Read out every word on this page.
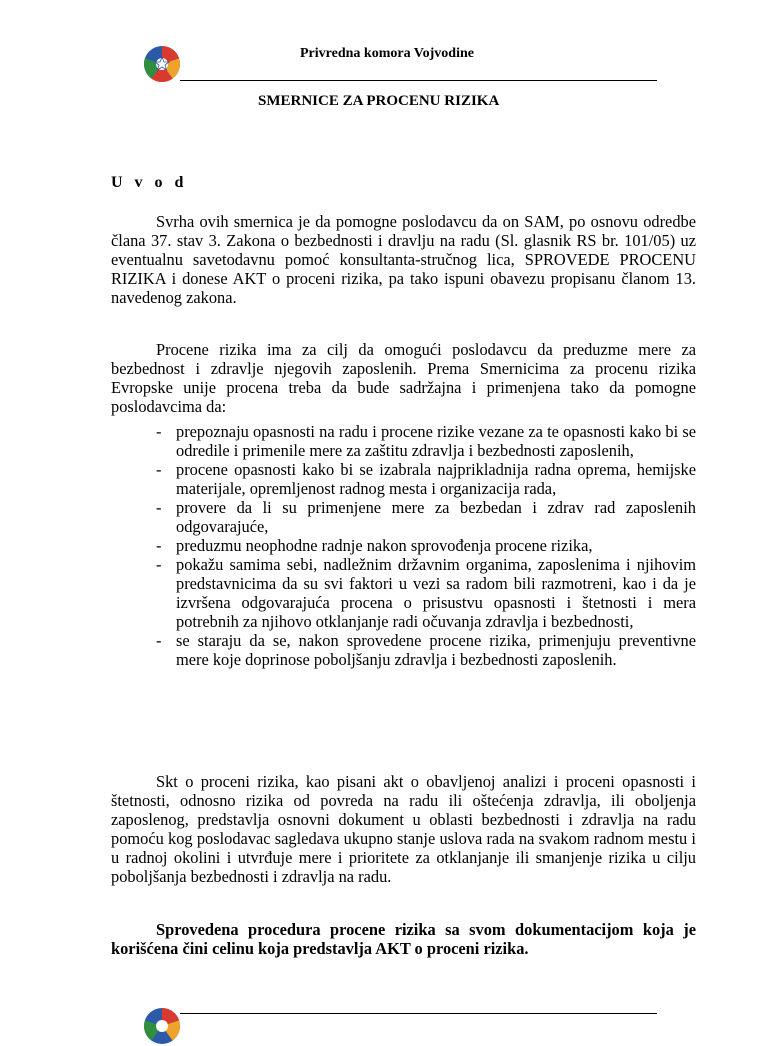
Privredna komora Vojvodine
SMERNICE ZA PROCENU RIZIKA
U v o d

Svrha ovih smernica je da pomogne poslodavcu da on SAM, po osnovu odredbe člana 37. stav 3. Zakona o bezbednosti i dravlju na radu (Sl. glasnik RS br. 101/05) uz eventualnu savetodavnu pomoć konsultanta-stručnog lica, SPROVEDE PROCENU RIZIKA i donese AKT o proceni rizika, pa tako ispuni obavezu propisanu članom 13. navedenog zakona.

Procene rizika ima za cilj da omogući poslodavcu da preduzme mere za bezbednost i zdravlje njegovih zaposlenih. Prema Smernicima za procenu rizika Evropske unije procena treba da bude sadržajna i primenjena tako da pomogne poslodavcima da:

- prepoznaju opasnosti na radu i procene rizike vezane za te opasnosti kako bi se odredile i primenile mere za zaštitu zdravlja i bezbednosti zaposlenih,
- procene opasnosti kako bi se izabrala najprikladnija radna oprema, hemijske materijale, opremljenost radnog mesta i organizacija rada,
- provere da li su primenjene mere za bezbedan i zdrav rad zaposlenih odgovarajuće,
- preduzmu neophodne radnje nakon sprovođenja procene rizika,
- pokažu samima sebi, nadležnim državnim organima, zaposlenima i njihovim predstavnicima da su svi faktori u vezi sa radom bili razmotreni, kao i da je izvršena odgovarajuća procena o prisustvu opasnosti i štetnosti i mera potrebnih za njihovo otklanjanje radi očuvanja zdravlja i bezbednosti,
- se staraju da se, nakon sprovedene procene rizika, primenjuju preventivne mere koje doprinose poboljšanju zdravlja i bezbednosti zaposlenih.

Skt o proceni rizika, kao pisani akt o obavljenoj analizi i proceni opasnosti i štetnosti, odnosno rizika od povreda na radu ili oštećenja zdravlja, ili oboljenja zaposlenog, predstavlja osnovni dokument u oblasti bezbednosti i zdravlja na radu pomoću kog poslodavac sagledava ukupno stanje uslova rada na svakom radnom mestu i u radnoj okolini i utvrđuje mere i prioritete za otklanjanje ili smanjenje rizika u cilju poboljšanja bezbednosti i zdravlja na radu.

Sprovedena procedura procene rizika sa svom dokumentacijom koja je korišćena čini celinu koja predstavlja AKT o proceni rizika.
